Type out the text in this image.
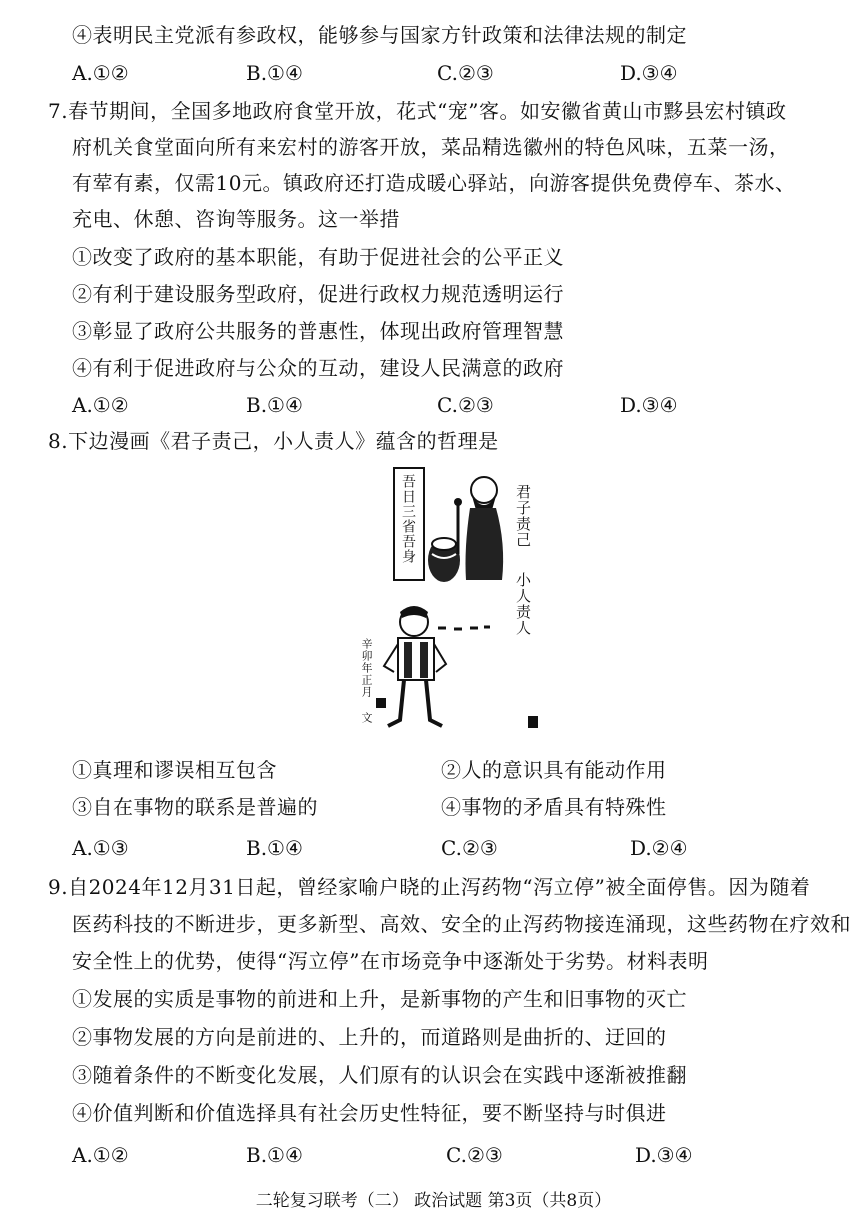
④表明民主党派有参政权，能够参与国家方针政策和法律法规的制定
A.①②	B.①④	C.②③	D.③④
7.春节期间，全国多地政府食堂开放，花式“宠”客。如安徽省黄山市黟县宏村镇政
府机关食堂面向所有来宏村的游客开放，菜品精选徽州的特色风味，五菜一汤，
有荤有素，仅需10元。镇政府还打造成暖心驿站，向游客提供免费停车、茶水、
充电、休憩、咨询等服务。这一举措
①改变了政府的基本职能，有助于促进社会的公平正义
②有利于建设服务型政府，促进行政权力规范透明运行
③彰显了政府公共服务的普惠性，体现出政府管理智慧
④有利于促进政府与公众的互动，建设人民满意的政府
A.①②	B.①④	C.②③	D.③④
8.下边漫画《君子责己，小人责人》蕴含的哲理是
吾日三省吾身	君子责己
小人责人
辛卯年正月 文
①真理和谬误相互包含	②人的意识具有能动作用
③自在事物的联系是普遍的	④事物的矛盾具有特殊性
A.①③	B.①④	C.②③	D.②④
9.自2024年12月31日起，曾经家喻户晓的止泻药物“泻立停”被全面停售。因为随着
医药科技的不断进步，更多新型、高效、安全的止泻药物接连涌现，这些药物在疗效和
安全性上的优势，使得“泻立停”在市场竞争中逐渐处于劣势。材料表明
①发展的实质是事物的前进和上升，是新事物的产生和旧事物的灭亡
②事物发展的方向是前进的、上升的，而道路则是曲折的、迂回的
③随着条件的不断变化发展，人们原有的认识会在实践中逐渐被推翻
④价值判断和价值选择具有社会历史性特征，要不断坚持与时俱进
A.①②	B.①④	C.②③	D.③④
二轮复习联考（二） 政治试题 第3页（共8页）
